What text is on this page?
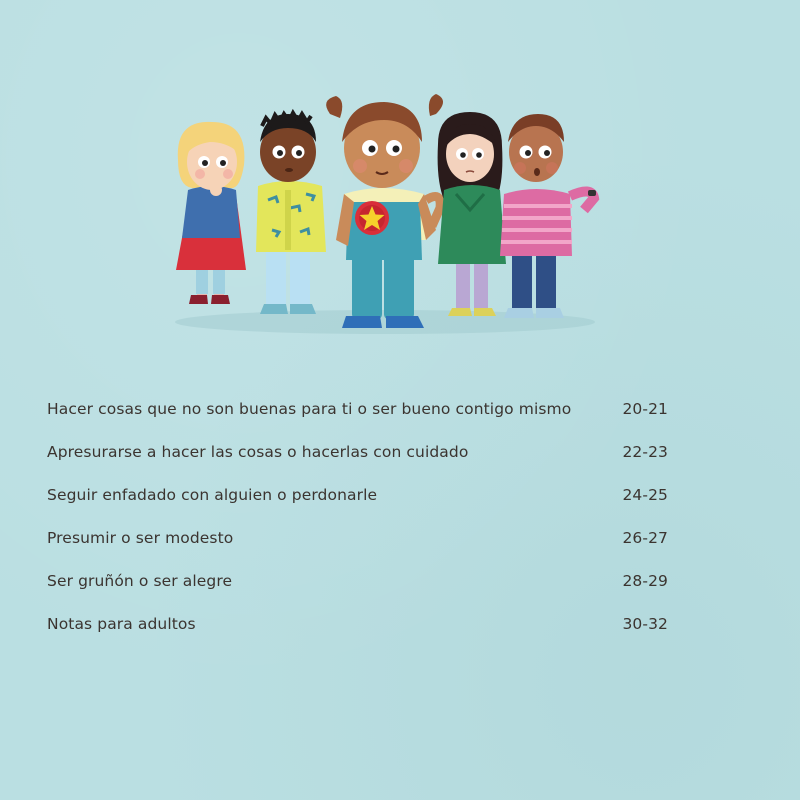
Hacer cosas que no son buenas para ti o ser bueno contigo mismo	20-21
Apresurarse a hacer las cosas o hacerlas con cuidado	22-23
Seguir enfadado con alguien o perdonarle	24-25
Presumir o ser modesto	26-27
Ser gruñón o ser alegre	28-29
Notas para adultos	30-32
